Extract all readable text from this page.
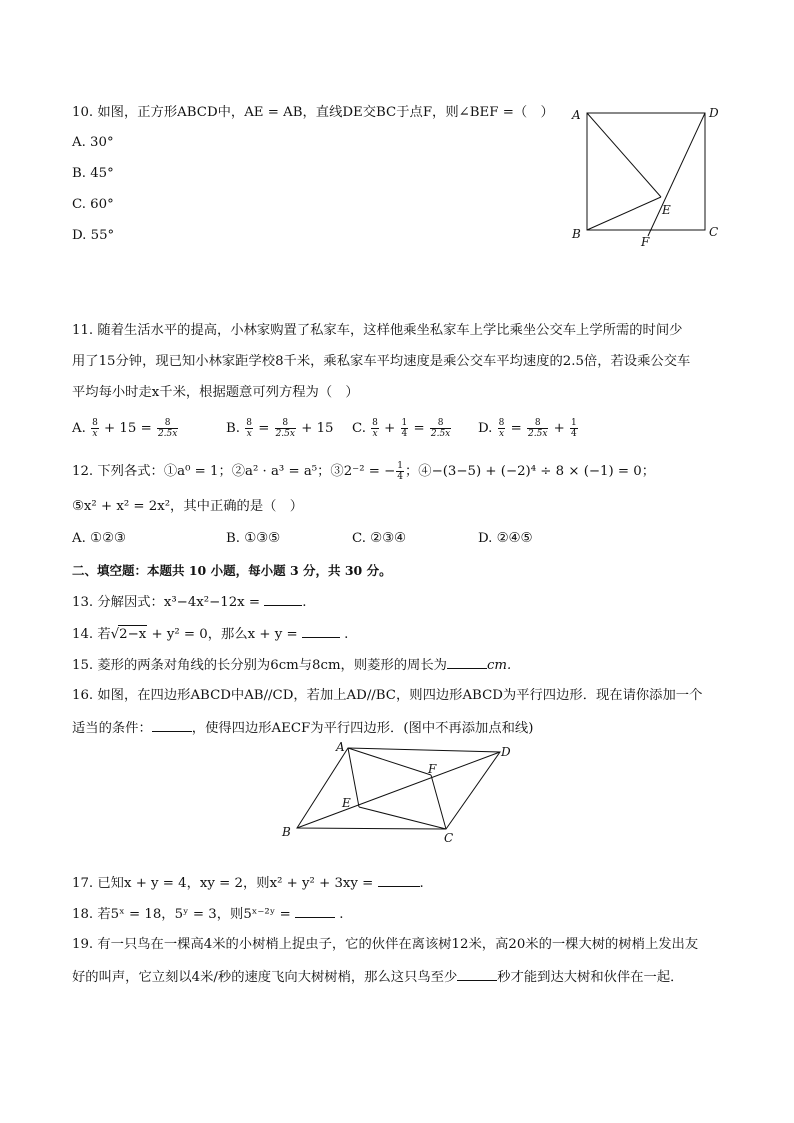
10. 如图，正方形ABCD中，AE = AB，直线DE交BC于点F，则∠BEF =（　）
A. 30°
B. 45°
C. 60°
D. 55°
A	D
B	C
E
F
11. 随着生活水平的提高，小林家购置了私家车，这样他乘坐私家车上学比乘坐公交车上学所需的时间少
用了15分钟，现已知小林家距学校8千米，乘私家车平均速度是乘公交车平均速度的2.5倍，若设乘公交车
平均每小时走x千米，根据题意可列方程为（　）
A. $\frac{8}{x} + 15 = \frac{8}{2.5x}$	B. $\frac{8}{x} = \frac{8}{2.5x} + 15$ C. $\frac{8}{x} + \frac{1}{4} = \frac{8}{2.5x} D$. $\frac{8}{x} = \frac{8}{2.5x} + \frac{1}{4}$
12. 下列各式：①a⁰ = 1；②a² · a³ = a⁵；③2⁻² = − $\frac{1}{4}$ ；④−(3−5) + (−2)⁴ ÷ 8 × (−1) = 0；
⑤x² + x² = 2x²，其中正确的是（　）
A. ①②③	B. ①③⑤	C. ②③④	D. ②④⑤
二、填空题：本题共 10 小题，每小题 3 分，共 30 分。
13. 分解因式：x³−4x²−12x =	.
14. 若√2−x + y² = 0，那么x + y =	.
15. 菱形的两条对角线的长分别为6cm与8cm，则菱形的周长为	cm.
16. 如图，在四边形ABCD中AB//CD，若加上AD//BC，则四边形ABCD为平行四边形．现在请你添加一个
适当的条件：	，使得四边形AECF为平行四边形．(图中不再添加点和线)
A	D
F
E
B	C
17. 已知x + y = 4，xy = 2，则x² + y² + 3xy =	.
18. 若5ˣ = 18，5ʸ = 3，则5ˣ⁻²ʸ =	.
19. 有一只鸟在一棵高4米的小树梢上捉虫子，它的伙伴在离该树12米，高20米的一棵大树的树梢上发出友
好的叫声，它立刻以4米/秒的速度飞向大树树梢，那么这只鸟至少	秒才能到达大树和伙伴在一起．
